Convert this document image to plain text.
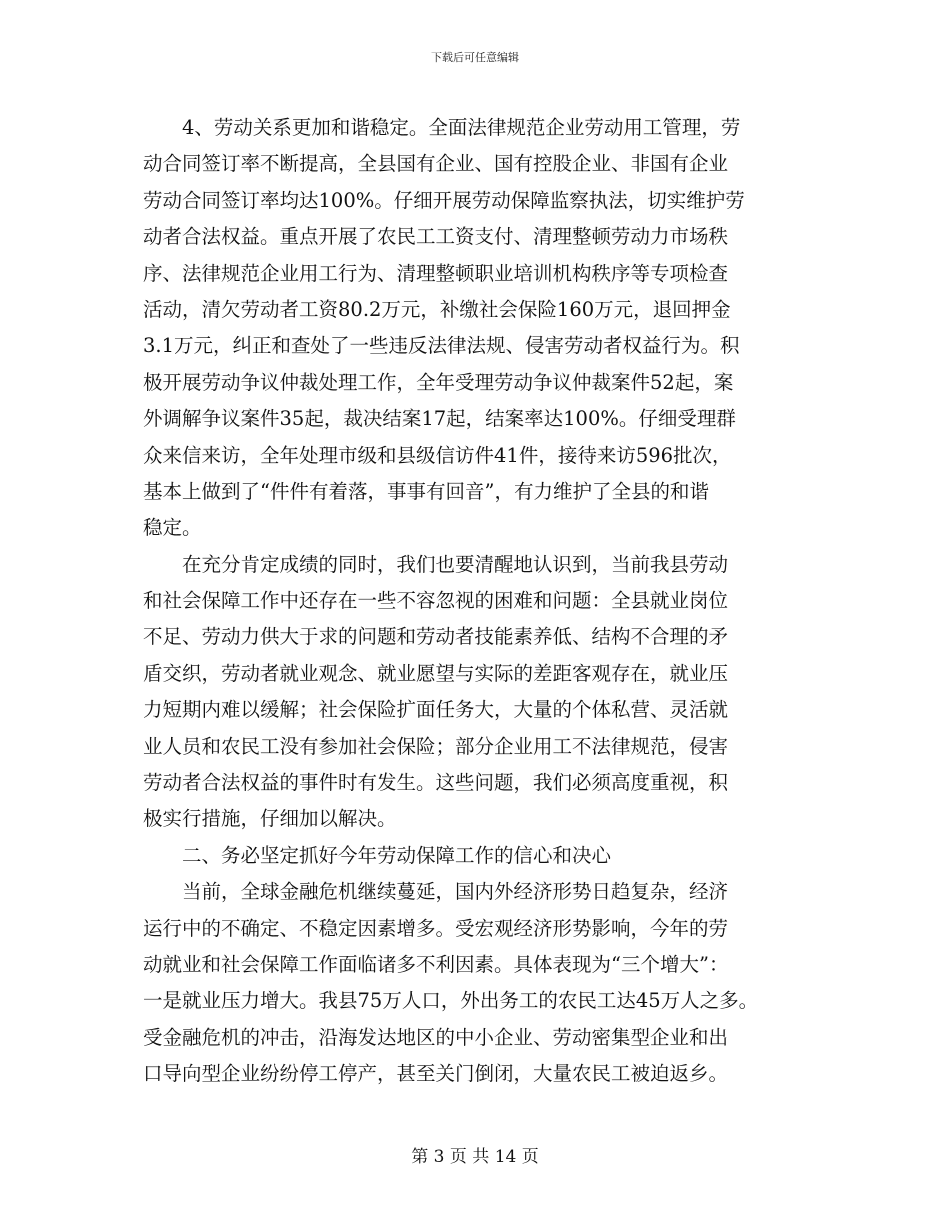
下载后可任意编辑
　　4、劳动关系更加和谐稳定。全面法律规范企业劳动用工管理，劳
动合同签订率不断提高，全县国有企业、国有控股企业、非国有企业
劳动合同签订率均达100%。仔细开展劳动保障监察执法，切实维护劳
动者合法权益。重点开展了农民工工资支付、清理整顿劳动力市场秩
序、法律规范企业用工行为、清理整顿职业培训机构秩序等专项检查
活动，清欠劳动者工资80.2万元，补缴社会保险160万元，退回押金
3.1万元，纠正和查处了一些违反法律法规、侵害劳动者权益行为。积
极开展劳动争议仲裁处理工作，全年受理劳动争议仲裁案件52起，案
外调解争议案件35起，裁决结案17起，结案率达100%。仔细受理群
众来信来访，全年处理市级和县级信访件41件，接待来访596批次，
基本上做到了“件件有着落，事事有回音”，有力维护了全县的和谐
稳定。
　　在充分肯定成绩的同时，我们也要清醒地认识到，当前我县劳动
和社会保障工作中还存在一些不容忽视的困难和问题：全县就业岗位
不足、劳动力供大于求的问题和劳动者技能素养低、结构不合理的矛
盾交织，劳动者就业观念、就业愿望与实际的差距客观存在，就业压
力短期内难以缓解；社会保险扩面任务大，大量的个体私营、灵活就
业人员和农民工没有参加社会保险；部分企业用工不法律规范，侵害
劳动者合法权益的事件时有发生。这些问题，我们必须高度重视，积
极实行措施，仔细加以解决。
　　二、务必坚定抓好今年劳动保障工作的信心和决心
　　当前，全球金融危机继续蔓延，国内外经济形势日趋复杂，经济
运行中的不确定、不稳定因素增多。受宏观经济形势影响，今年的劳
动就业和社会保障工作面临诸多不利因素。具体表现为“三个增大”：
一是就业压力增大。我县75万人口，外出务工的农民工达45万人之多。
受金融危机的冲击，沿海发达地区的中小企业、劳动密集型企业和出
口导向型企业纷纷停工停产，甚至关门倒闭，大量农民工被迫返乡。
第 3 页 共 14 页
